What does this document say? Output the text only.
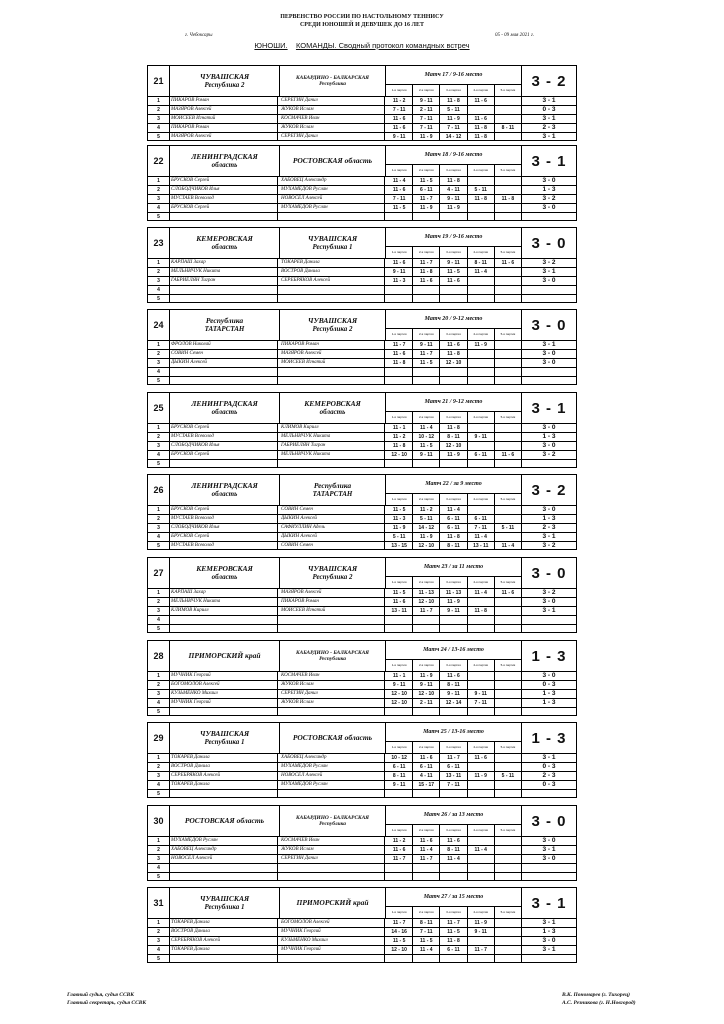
ПЕРВЕНСТВО РОССИИ ПО НАСТОЛЬНОМУ ТЕННИСУ
СРЕДИ ЮНОШЕЙ И ДЕВУШЕК ДО 16 ЛЕТ
г. Чебоксары	05 - 09 мая 2021 г.
ЮНОШИ. КОМАНДЫ. Сводный протокол командных встреч
21	ЧУВАШСКАЯ
Республика 2
КАБАРДИНО - БАЛКАРСКАЯ
Республика
Матч 17 / 9-16 место
1-я партия	2-я партия	3-я партия	4-я партия	5-я партия
3 - 2
1	ПИКАРОВ Роман	СЕРЕГИН Данил	11 - 2	9 - 11	11 - 8	11 - 6	3 - 1
2	МАЗЯРОВ Алексей	ЖУКОВ Ислам	7 - 11	2 - 11	5 - 11	0 - 3
3	МОИСЕЕВ Игнатий	КОСМАЧЕВ Иван	11 - 6	7 - 11	11 - 9	11 - 6	3 - 1
4	ПИКАРОВ Роман	ЖУКОВ Ислам	11 - 6	7 - 11	7 - 11	11 - 8	8 - 11	2 - 3
5	МАЗЯРОВ Алексей	СЕРЕГИН Данил	9 - 11	11 - 9	14 - 12	11 - 8	3 - 1
22	ЛЕНИНГРАДСКАЯ
область
РОСТОВСКАЯ область
Матч 18 / 9-16 место
1-я партия	2-я партия	3-я партия	4-я партия	5-я партия
3 - 1
1	БРУСКОВ Сергей	ХАБОВЕЦ Александр	11 - 4	11 - 5	11 - 8	3 - 0
2	СЛОБОДЧИКОВ Илья	МУХАМЕДОВ Руслан	11 - 6	6 - 11	4 - 11	5 - 11	1 - 3
3	МУСТАЕВ Всеволод	НОВОСЕЛ Алексей	7 - 11	11 - 7	9 - 11	11 - 8	11 - 8	3 - 2
4	БРУСКОВ Сергей	МУХАМЕДОВ Руслан	11 - 5	11 - 9	11 - 9	3 - 0
5
23	КЕМЕРОВСКАЯ
область
ЧУВАШСКАЯ
Республика 1
Матч 19 / 9-16 место
1-я партия	2-я партия	3-я партия	4-я партия	5-я партия
3 - 0
1	КАРПАШ Захар	ТОКАРЕВ Данила	11 - 6	11 - 7	9 - 11	8 - 11	11 - 6	3 - 2
2	МЕЛЬНИЧУК Никита	ВОСТРОВ Данила	9 - 11	11 - 8	11 - 5	11 - 4	3 - 1
3	ГАБРИЕЛЯН Тигран	СЕРЕБРЯКОВ Алексей	11 - 3	11 - 6	11 - 6	3 - 0
4
5
24	Республика
ТАТАРСТАН
ЧУВАШСКАЯ
Республика 2
Матч 20 / 9-12 место
1-я партия	2-я партия	3-я партия	4-я партия	5-я партия
3 - 0
1	ФРОЛОВ Николай	ПИКАРОВ Роман	11 - 7	9 - 11	11 - 6	11 - 9	3 - 1
2	СОВИН Семен	МАЗЯРОВ Алексей	11 - 6	11 - 7	11 - 8	3 - 0
3	ДЫКИН Алексей	МОИСЕЕВ Игнатий	11 - 8	11 - 5	12 - 10	3 - 0
4
5
25	ЛЕНИНГРАДСКАЯ
область
КЕМЕРОВСКАЯ
область
Матч 21 / 9-12 место
1-я партия	2-я партия	3-я партия	4-я партия	5-я партия
3 - 1
1	БРУСКОВ Сергей	КЛИМОВ Кирилл	11 - 1	11 - 4	11 - 8	3 - 0
2	МУСТАЕВ Всеволод	МЕЛЬНИЧУК Никита	11 - 2	10 - 12	8 - 11	9 - 11	1 - 3
3	СЛОБОДЧИКОВ Илья	ГАБРИЕЛЯН Тигран	11 - 8	11 - 5	12 - 10	3 - 0
4	БРУСКОВ Сергей	МЕЛЬНИЧУК Никита	12 - 10	9 - 11	11 - 9	6 - 11	11 - 6	3 - 2
5
26	ЛЕНИНГРАДСКАЯ
область
Республика
ТАТАРСТАН
Матч 22 / за 9 место
1-я партия	2-я партия	3-я партия	4-я партия	5-я партия
3 - 2
1	БРУСКОВ Сергей	СОВИН Семен	11 - 5	11 - 2	11 - 4	3 - 0
2	МУСТАЕВ Всеволод	ДЫКИН Алексей	11 - 3	5 - 11	6 - 11	6 - 11	1 - 3
3	СЛОБОДЧИКОВ Илья	САФИУЛЛИН Адель	11 - 9	14 - 12	6 - 11	7 - 11	5 - 11	2 - 3
4	БРУСКОВ Сергей	ДЫКИН Алексей	5 - 11	11 - 9	11 - 8	11 - 4	3 - 1
5	МУСТАЕВ Всеволод	СОВИН Семен	13 - 15	12 - 10	8 - 11	13 - 11	11 - 4	3 - 2
27	КЕМЕРОВСКАЯ
область
ЧУВАШСКАЯ
Республика 2
Матч 23 / за 11 место
1-я партия	2-я партия	3-я партия	4-я партия	5-я партия
3 - 0
1	КАРПАШ Захар	МАЗЯРОВ Алексей	11 - 5	11 - 13	11 - 13	11 - 4	11 - 6	3 - 2
2	МЕЛЬНИЧУК Никита	ПИКАРОВ Роман	11 - 6	12 - 10	11 - 9	3 - 0
3	КЛИМОВ Кирилл	МОИСЕЕВ Игнатий	13 - 11	11 - 7	9 - 11	11 - 8	3 - 1
4
5
28	ПРИМОРСКИЙ край	КАБАРДИНО - БАЛКАРСКАЯ
Республика
Матч 24 / 13-16 место
1-я партия	2-я партия	3-я партия	4-я партия	5-я партия
1 - 3
1	МУЧНИК Георгий	КОСМАЧЕВ Иван	11 - 1	11 - 9	11 - 6	3 - 0
2	БОГОМОЛОВ Алексей	ЖУКОВ Ислам	9 - 11	9 - 11	8 - 11	0 - 3
3	КУЗЬМЕНКО Михаил	СЕРЕГИН Данил	12 - 10	12 - 10	9 - 11	9 - 11	1 - 3
4	МУЧНИК Георгий	ЖУКОВ Ислам	12 - 10	2 - 11	12 - 14	7 - 11	1 - 3
5
29	ЧУВАШСКАЯ
Республика 1
РОСТОВСКАЯ область
Матч 25 / 13-16 место
1-я партия	2-я партия	3-я партия	4-я партия	5-я партия
1 - 3
1	ТОКАРЕВ Данила	ХАБОВЕЦ Александр	10 - 12	11 - 6	11 - 7	11 - 6	3 - 1
2	ВОСТРОВ Данила	МУХАМЕДОВ Руслан	6 - 11	6 - 11	6 - 11	0 - 3
3	СЕРЕБРЯКОВ Алексей	НОВОСЕЛ Алексей	8 - 11	4 - 11	13 - 11	11 - 9	5 - 11	2 - 3
4	ТОКАРЕВ Данила	МУХАМЕДОВ Руслан	9 - 11	15 - 17	7 - 11	0 - 3
5
30	РОСТОВСКАЯ область	КАБАРДИНО - БАЛКАРСКАЯ
Республика
Матч 26 / за 13 место
1-я партия	2-я партия	3-я партия	4-я партия	5-я партия
3 - 0
1	МУХАМЕДОВ Руслан	КОСМАЧЕВ Иван	11 - 2	11 - 6	11 - 6	3 - 0
2	ХАБОВЕЦ Александр	ЖУКОВ Ислам	11 - 6	11 - 4	8 - 11	11 - 4	3 - 1
3	НОВОСЕЛ Алексей	СЕРЕГИН Данил	11 - 7	11 - 7	11 - 4	3 - 0
4
5
31	ЧУВАШСКАЯ
Республика 1
ПРИМОРСКИЙ край
Матч 27 / за 15 место
1-я партия	2-я партия	3-я партия	4-я партия	5-я партия
3 - 1
1	ТОКАРЕВ Данила	БОГОМОЛОВ Алексей	11 - 7	8 - 11	11 - 7	11 - 9	3 - 1
2	ВОСТРОВ Данила	МУЧНИК Георгий	14 - 16	7 - 11	11 - 5	9 - 11	1 - 3
3	СЕРЕБРЯКОВ Алексей	КУЗЬМЕНКО Михаил	11 - 5	11 - 5	11 - 8	3 - 0
4	ТОКАРЕВ Данила	МУЧНИК Георгий	12 - 10	11 - 4	6 - 11	11 - 7	3 - 1
5
Главный судья, судья ССВК
Главный секретарь, судья ССВК
В.К. Пономарев (г. Тихорец)
А.С. Резникова (г. Н.Новгород)
